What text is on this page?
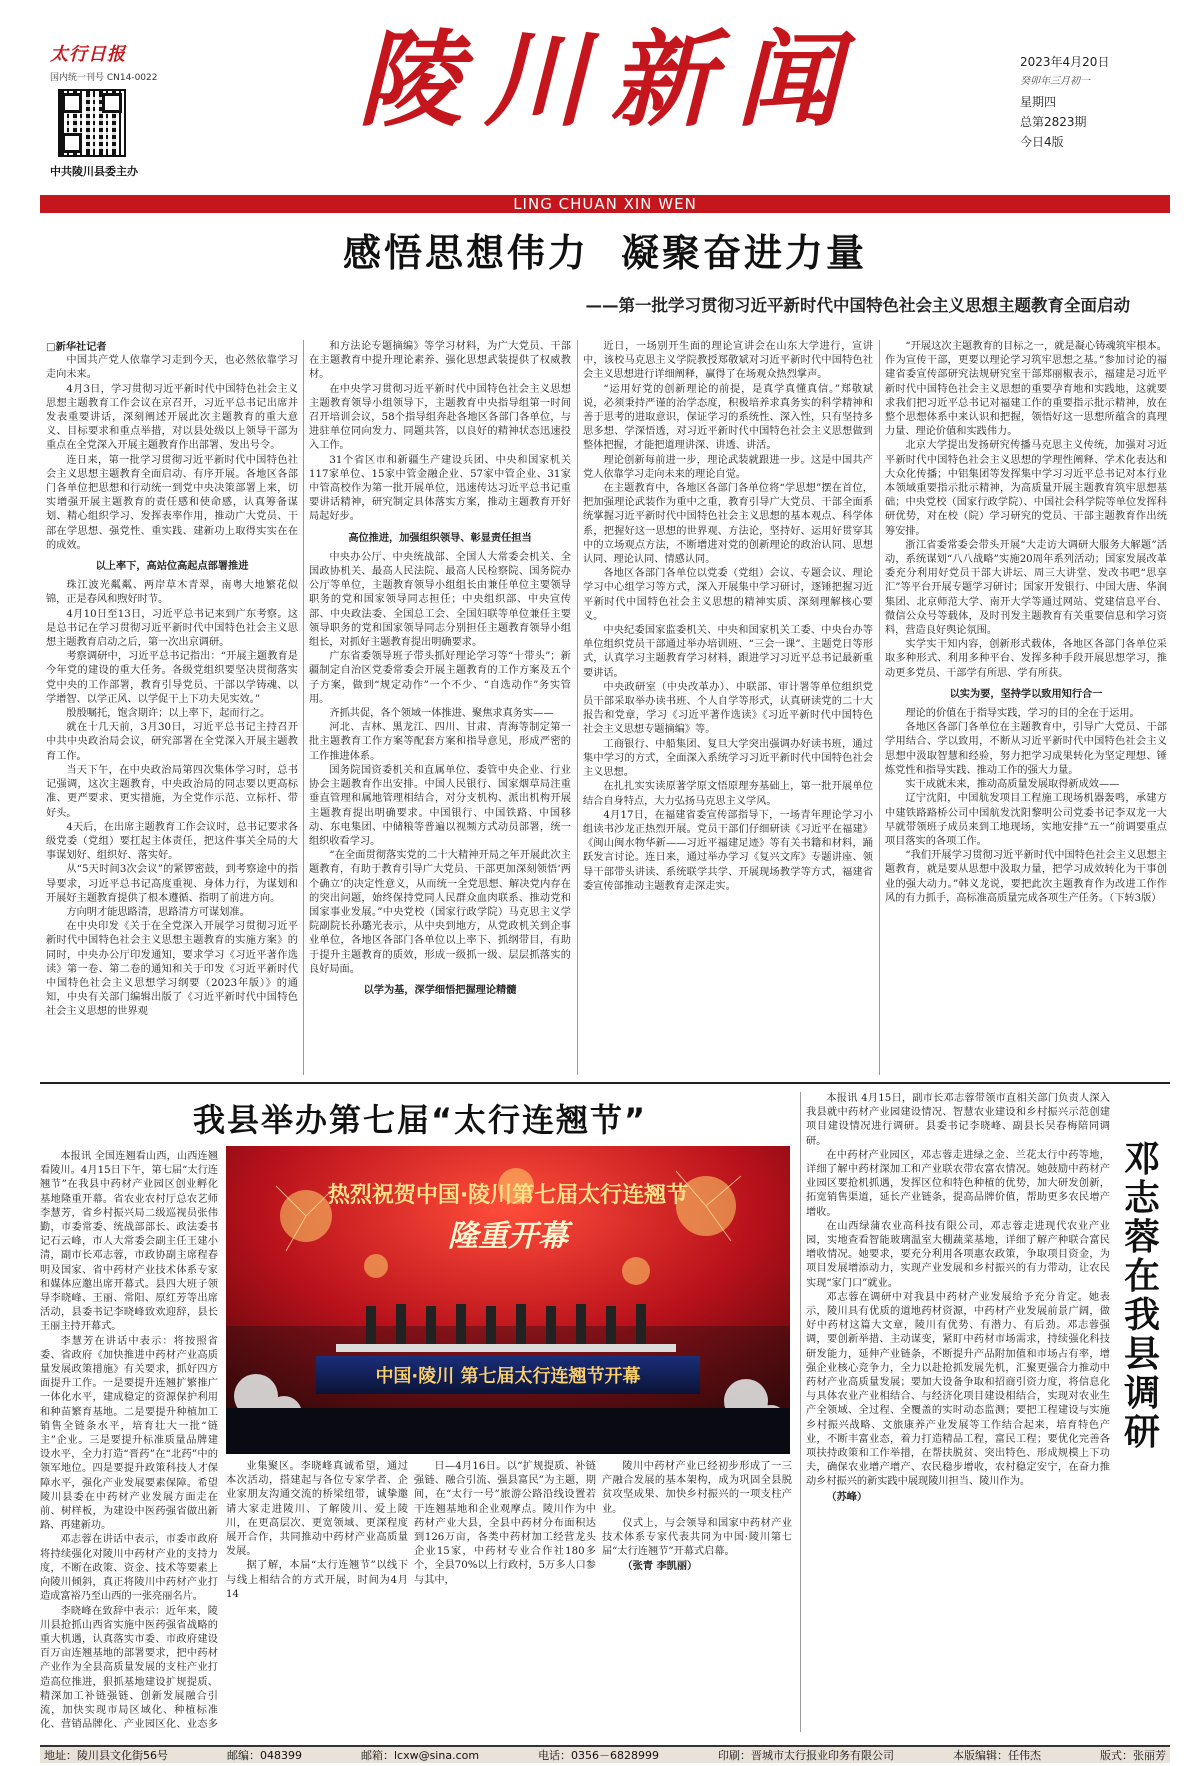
太行日报
国内统一刊号 CN14-0022
中共陵川县委主办
陵川新闻	2023年4月20日
癸卯年三月初一
星期四
总第2823期
今日4版
LING CHUAN XIN WEN
感悟思想伟力 凝聚奋进力量
——第一批学习贯彻习近平新时代中国特色社会主义思想主题教育全面启动

□新华社记者

中国共产党人依靠学习走到今天，也必然依靠学习走向未来。

4月3日，学习贯彻习近平新时代中国特色社会主义思想主题教育工作会议在京召开，习近平总书记出席并发表重要讲话，深刻阐述开展此次主题教育的重大意义、目标要求和重点举措，对以县处级以上领导干部为重点在全党深入开展主题教育作出部署、发出号令。

连日来，第一批学习贯彻习近平新时代中国特色社会主义思想主题教育全面启动、有序开展。各地区各部门各单位把思想和行动统一到党中央决策部署上来，切实增强开展主题教育的责任感和使命感，认真筹备谋划、精心组织学习、发挥表率作用，推动广大党员、干部在学思想、强党性、重实践、建新功上取得实实在在的成效。

以上率下，高站位高起点部署推进

珠江波光粼粼、两岸草木青翠，南粤大地繁花似锦，正是春风和煦好时节。

4月10日至13日，习近平总书记来到广东考察。这是总书记在学习贯彻习近平新时代中国特色社会主义思想主题教育启动之后，第一次出京调研。

考察调研中，习近平总书记指出：“开展主题教育是今年党的建设的重大任务。各级党组织要坚决贯彻落实党中央的工作部署，教育引导党员、干部以学铸魂、以学增智、以学正风、以学促干上下功夫见实效。”

殷殷嘱托，饱含期许；以上率下，起而行之。

就在十几天前，3月30日，习近平总书记主持召开中共中央政治局会议，研究部署在全党深入开展主题教育工作。

当天下午，在中央政治局第四次集体学习时，总书记强调，这次主题教育，中央政治局的同志要以更高标准、更严要求、更实措施，为全党作示范、立标杆、带好头。

4天后，在出席主题教育工作会议时，总书记要求各级党委（党组）要扛起主体责任，把这件事关全局的大事谋划好、组织好、落实好。

从“5天时间3次会议”的紧锣密鼓，到考察途中的指导要求，习近平总书记高度重视、身体力行，为谋划和开展好主题教育提供了根本遵循、指明了前进方向。

方向明才能思路清，思路清方可谋划准。

在中央印发《关于在全党深入开展学习贯彻习近平新时代中国特色社会主义思想主题教育的实施方案》的同时，中央办公厅印发通知，要求学习《习近平著作选读》第一卷、第二卷的通知和关于印发《习近平新时代中国特色社会主义思想学习纲要（2023年版）》的通知，中央有关部门编辑出版了《习近平新时代中国特色社会主义思想的世界观

和方法论专题摘编》等学习材料，为广大党员、干部在主题教育中提升理论素养、强化思想武装提供了权威教材。

在中央学习贯彻习近平新时代中国特色社会主义思想主题教育领导小组领导下，主题教育中央指导组第一时间召开培训会议，58个指导组奔赴各地区各部门各单位，与进驻单位同向发力、同题共答，以良好的精神状态迅速投入工作。

31个省区市和新疆生产建设兵团、中央和国家机关117家单位、15家中管金融企业、57家中管企业、31家中管高校作为第一批开展单位，迅速传达习近平总书记重要讲话精神，研究制定具体落实方案，推动主题教育开好局起好步。

高位推进，加强组织领导、彰显责任担当

中央办公厅、中央统战部、全国人大常委会机关、全国政协机关、最高人民法院、最高人民检察院、国务院办公厅等单位，主题教育领导小组组长由兼任单位主要领导职务的党和国家领导同志担任；中央组织部、中央宣传部、中央政法委、全国总工会、全国妇联等单位兼任主要领导职务的党和国家领导同志分别担任主题教育领导小组组长，对抓好主题教育提出明确要求。

广东省委领导班子带头抓好理论学习等“十带头”；新疆制定自治区党委常委会开展主题教育的工作方案及五个子方案，做到“规定动作”一个不少、“自选动作”务实管用。

齐抓共促，各个领域一体推进、聚焦求真务实——

河北、吉林、黑龙江、四川、甘肃、青海等制定第一批主题教育工作方案等配套方案和指导意见，形成严密的工作推进体系。

国务院国资委机关和直属单位、委管中央企业、行业协会主题教育作出安排。中国人民银行、国家烟草局注重垂直管理和属地管理相结合，对分支机构、派出机构开展主题教育提出明确要求。中国银行、中国铁路、中国移动、东电集团、中储粮等普遍以视频方式动员部署，统一组织收看学习。

“在全面贯彻落实党的二十大精神开局之年开展此次主题教育，有助于教育引导广大党员、干部更加深刻领悟‘两个确立’的决定性意义，从而统一全党思想、解决党内存在的突出问题，始终保持党同人民群众血肉联系、推动党和国家事业发展。”中央党校（国家行政学院）马克思主义学院副院长孙璐光表示，从中央到地方，从党政机关到企事业单位，各地区各部门各单位以上率下、抓纲带目，有助于提升主题教育的质效，形成一级抓一级、层层抓落实的良好局面。

以学为基，深学细悟把握理论精髓

近日，一场别开生面的理论宣讲会在山东大学进行，宣讲中，该校马克思主义学院教授郑敬斌对习近平新时代中国特色社会主义思想进行详细阐释，赢得了在场观众热烈掌声。

“运用好党的创新理论的前提，是真学真懂真信。”郑敬斌说，必须秉持严谨的治学态度，积极培养求真务实的科学精神和善于思考的进取意识，保证学习的系统性、深入性，只有坚持多思多想、学深悟透，对习近平新时代中国特色社会主义思想做到整体把握，才能把道理讲深、讲透、讲活。

理论创新每前进一步，理论武装就跟进一步。这是中国共产党人依靠学习走向未来的理论自觉。

在主题教育中，各地区各部门各单位将“学思想”摆在首位，把加强理论武装作为重中之重，教育引导广大党员、干部全面系统掌握习近平新时代中国特色社会主义思想的基本观点、科学体系，把握好这一思想的世界观、方法论，坚持好、运用好贯穿其中的立场观点方法，不断增进对党的创新理论的政治认同、思想认同、理论认同、情感认同。

各地区各部门各单位以党委（党组）会议、专题会议、理论学习中心组学习等方式，深入开展集中学习研讨，逐锤把握习近平新时代中国特色社会主义思想的精神实质、深刻理解核心要义。

中央纪委国家监委机关、中央和国家机关工委、中央台办等单位组织党员干部通过举办培训班、“三会一课”、主题党日等形式，认真学习主题教育学习材料，跟进学习习近平总书记最新重要讲话。

中央政研室（中央改革办）、中联部、审计署等单位组织党员干部采取举办读书班、个人自学等形式，认真研读党的二十大报告和党章，学习《习近平著作选读》《习近平新时代中国特色社会主义思想专题摘编》等。

工商银行、中船集团、复旦大学突出强调办好读书班，通过集中学习的方式，全面深入系统学习习近平新时代中国特色社会主义思想。

在扎扎实实读原著学原文悟原理夯基础上，第一批开展单位结合自身特点，大力弘扬马克思主义学风。

4月17日，在福建省委宣传部指导下，一场青年理论学习小组读书沙龙正热烈开展。党员干部们仔细研读《习近平在福建》《闽山闽水物华新——习近平福建足迹》等有关书籍和材料，踊跃发言讨论。连日来，通过举办学习《复兴文库》专题讲座、领导干部带头讲读、系统联学共学、开展现场教学等方式，福建省委宣传部推动主题教育走深走实。

“开展这次主题教育的目标之一，就是凝心铸魂筑牢根本。作为宣传干部，更要以理论学习筑牢思想之基。”参加讨论的福建省委宣传部研究法规研究室干部郑丽椒表示，福建是习近平新时代中国特色社会主义思想的重要孕育地和实践地，这就要求我们把习近平总书记对福建工作的重要指示批示精神，放在整个思想体系中来认识和把握，领悟好这一思想所蕴含的真理力量、理论价值和实践伟力。

北京大学提出发扬研究传播马克思主义传统，加强对习近平新时代中国特色社会主义思想的学理性阐释、学术化表达和大众化传播；中铝集团等发挥集中学习习近平总书记对本行业本领域重要指示批示精神，为高质量开展主题教育筑牢思想基础；中央党校（国家行政学院）、中国社会科学院等单位发挥科研优势，对在校（院）学习研究的党员、干部主题教育作出统筹安排。

浙江省委常委会带头开展“大走访大调研大服务大解题”活动，系统谋划“八八战略”实施20周年系列活动；国家发展改革委充分利用好党员干部大讲坛、周三大讲堂、发改书吧“思享汇”等平台开展专题学习研讨；国家开发银行、中国大唐、华润集团、北京师范大学、南开大学等通过网站、党建信息平台、微信公众号等载体，及时刊发主题教育有关重要信息和学习资料，营造良好舆论氛围。

实学实干知内容，创新形式载体，各地区各部门各单位采取多种形式、利用多种平台、发挥多种手段开展思想学习，推动更多党员、干部学有所思、学有所获。

以实为要，坚持学以致用知行合一

理论的价值在于指导实践，学习的目的全在于运用。

各地区各部门各单位在主题教育中，引导广大党员、干部学用结合、学以致用，不断从习近平新时代中国特色社会主义思想中汲取智慧和经验，努力把学习成果转化为坚定理想、锤炼党性和指导实践、推动工作的强大力量。

实干成就未来，推动高质量发展取得新成效——

辽宁沈阳，中国航发项目工程施工现场机器轰鸣，承建方中建铁路路桥公司中国航发沈阳黎明公司党委书记李双龙一大早就带领班子成员来到工地现场，实地安排“五一”前调要重点项目落实的各项工作。

“我们开展学习贯彻习近平新时代中国特色社会主义思想主题教育，就是要从思想中汲取力量，把学习成效转化为干事创业的强大动力。”韩义龙说，要把此次主题教育作为改进工作作风的有力抓手，高标准高质量完成各项生产任务。（下转3版）

我县举办第七届“太行连翘节”

本报讯 全国连翘看山西，山西连翘看陵川。4月15日下午，第七届“太行连翘节”在我县中药材产业园区创业孵化基地隆重开幕。省农业农村厅总农艺师李慧芳，省乡村振兴局二级巡视员张伟勤，市委常委、统战部部长、政法委书记石云峰，市人大常委会副主任王建小清，副市长邓志蓉，市政协副主席程春明及国家、省中药材产业技术体系专家和媒体应邀出席开幕式。县四大班子领导李晓峰、王丽、常阳、原红芳等出席活动，县委书记李晓峰致欢迎辞，县长王丽主持开幕式。

李慧芳在讲话中表示：将按照省委、省政府《加快推进中药材产业高质量发展政策措施》有关要求，抓好四方面提升工作。一是要提升连翘扩繁推广一体化水平，建成稳定的资源保护利用和种苗繁育基地。二是要提升种植加工销售全链条水平，培育壮大一批“链主”企业。三是要提升标准质量品牌建设水平，全力打造“晋药”在“北药”中的领军地位。四是要提升政策科技人才保障水平，强化产业发展要素保障。希望陵川县委在中药材产业发展方面走在前、树样板，为建设中医药强省做出新路、再建新功。

邓志蓉在讲话中表示，市委市政府将持续强化对陵川中药材产业的支持力度，不断在政策、资金、技术等要素上向陵川倾斜，真正将陵川中药材产业打造成富裕乃至山西的一张亮丽名片。

李晓峰在致辞中表示：近年来，陵川县抢抓山西省实施中医药强省战略的重大机遇，认真落实市委、市政府建设百万亩连翘基地的部署要求，把中药材产业作为全县高质量发展的支柱产业打造高位推进，狠抓基地建设扩规提质、精深加工补链强链、创新发展融合引流，加快实现市局区域化、种植标准化、营销品牌化、产业园区化、业态多

热烈祝贺中国·陵川第七届太行连翘节
隆重开幕
中国·陵川 第七届太行连翘节开幕

业集聚区。李晓峰真诚希望，通过本次活动，搭建起与各位专家学者、企业家朋友沟通交流的桥梁纽带，诚挚邀请大家走进陵川、了解陵川、爱上陵川，在更高层次、更宽领域、更深程度展开合作，共同推动中药材产业高质量发展。

据了解，本届“太行连翘节”以线下与线上相结合的方式开展，时间为4月14

日—4月16日。以“扩规提质、补链强链、融合引流、强县富民”为主题，期间，在“太行一号”旅游公路沿线设置若干连翘基地和企业观摩点。陵川作为中药材产业大县，全县中药材分布面积达到126万亩，各类中药材加工经营龙头企业15家，中药材专业合作社180多个，全县70%以上行政村，5万多人口参与其中，

陵川中药材产业已经初步形成了一三产融合发展的基本架构，成为巩固全县脱贫攻坚成果、加快乡村振兴的一项支柱产业。

仪式上，与会领导和国家中药材产业技术体系专家代表共同为中国·陵川第七届“太行连翘节”开幕式启幕。

（张青 李凯丽）

本报讯 4月15日，副市长邓志蓉带领市直相关部门负责人深入我县就中药材产业园建设情况、智慧农业建设和乡村振兴示范创建项目建设情况进行调研。县委书记李晓峰、副县长吴春梅陪同调研。

在中药材产业园区，邓志蓉走进绿之金、兰花太行中药等地，详细了解中药材深加工和产业联农带农富农情况。她鼓励中药材产业园区要抢机抓遇，发挥区位和特色种植的优势，加大研发创新，拓宽销售渠道，延长产业链条，提高品牌价值，帮助更多农民增产增收。

在山西绿蒲农业高科技有限公司，邓志蓉走进现代农业产业园，实地查看智能玻璃温室大棚蔬菜基地，详细了解产种联合富民增收情况。她要求，要充分利用各项惠农政策，争取项目资金，为项目发展增添动力，实现产业发展和乡村振兴的有力带动，让农民实现“家门口”就业。

邓志蓉在调研中对我县中药材产业发展给予充分肯定。她表示，陵川具有优质的道地药材资源，中药材产业发展前景广阔，做好中药材这篇大文章，陵川有优势、有潜力、有后劲。邓志蓉强调，要创新举措、主动谋变，紧盯中药材市场需求，持续强化科技研发能力，延伸产业链条，不断提升产品附加值和市场占有率，增强企业核心竞争力，全力以赴抢抓发展先机，汇聚更强合力推动中药材产业高质量发展；要加大设备争取和招商引资力度，将信息化与具体农业产业相结合、与经济化项目建设相结合，实现对农业生产全领域、全过程、全覆盖的实时动态监测；要把工程建设与实施乡村振兴战略、文旅康养产业发展等工作结合起来，培育特色产业，不断丰富业态，着力打造精品工程，富民工程；要优化完善各项扶持政策和工作举措，在帮扶脱贫、突出特色、形成规模上下功夫，确保农业增产增产、农民稳步增收，农村稳定安宁，在奋力推动乡村振兴的新实践中展现陵川担当、陵川作为。

（苏峰）

邓志蓉在我县调研
地址：陵川县文化街56号	邮编：048399	邮箱：lcxw@sina.com	电话：0356－6828999	印刷：晋城市太行报业印务有限公司	本版编辑：任伟杰	版式：张丽芳
